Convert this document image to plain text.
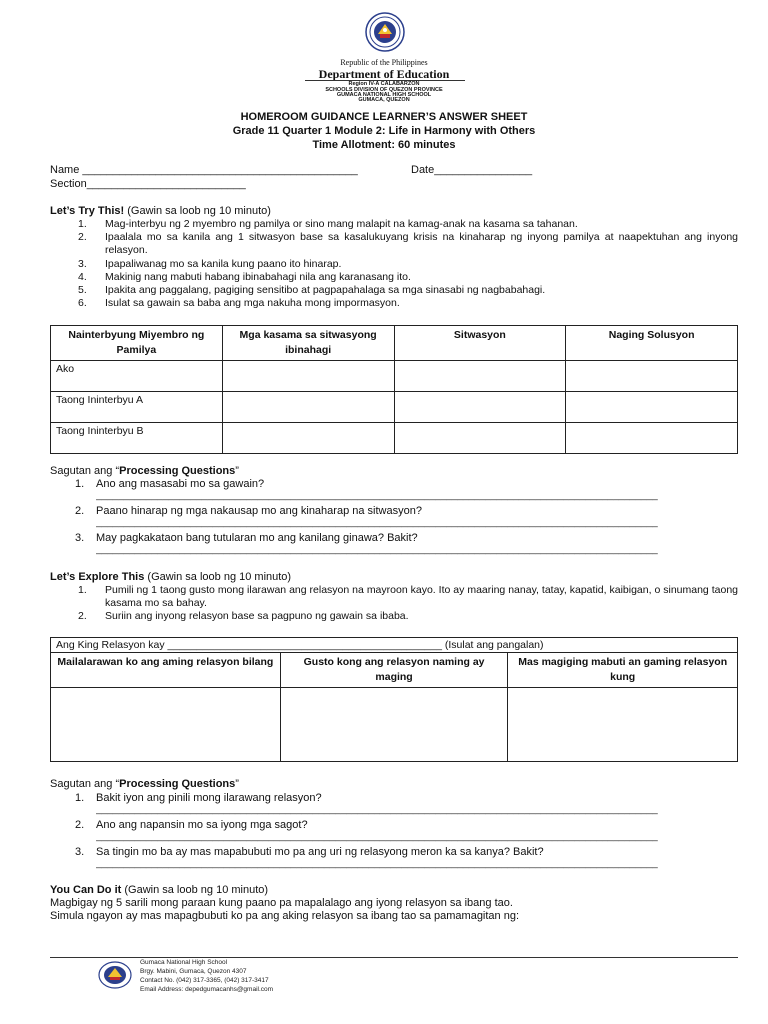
Republic of the Philippines
Department of Education
Region IV-A CALABARZON
SCHOOLS DIVISION OF QUEZON PROVINCE
GUMACA NATIONAL HIGH SCHOOL
GUMACA, QUEZON
HOMEROOM GUIDANCE LEARNER’S ANSWER SHEET
Grade 11 Quarter 1 Module 2: Life in Harmony with Others
Time Allotment: 60 minutes
Name _____________________________________________	Date________________
Section__________________________
Let’s Try This! (Gawin sa loob ng 10 minuto)
1. Mag-interbyu ng 2 myembro ng pamilya or sino mang malapit na kamag-anak na kasama sa tahanan.
2. Ipaalala mo sa kanila ang 1 sitwasyon base sa kasalukuyang krisis na kinaharap ng inyong pamilya at naapektuhan ang inyong relasyon.
3. Ipapaliwanag mo sa kanila kung paano ito hinarap.
4. Makinig nang mabuti habang ibinabahagi nila ang karanasang ito.
5. Ipakita ang paggalang, pagiging sensitibo at pagpapahalaga sa mga sinasabi ng nagbabahagi.
6. Isulat sa gawain sa baba ang mga nakuha mong impormasyon.
Nainterbyung Miyembro ng Pamilya	Mga kasama sa sitwasyong ibinahagi	Sitwasyon	Naging Solusyon
Ako			
Taong Ininterbyu A			
Taong Ininterbyu B			
Sagutan ang “Processing Questions”
1. Ano ang masasabi mo sa gawain?
_____________________________________________________________________________________________________
2. Paano hinarap ng mga nakausap mo ang kinaharap na sitwasyon?
_____________________________________________________________________________________________________
3. May pagkakataon bang tutularan mo ang kanilang ginawa? Bakit?
_____________________________________________________________________________________________________
Let’s Explore This (Gawin sa loob ng 10 minuto)
1. Pumili ng 1 taong gusto mong ilarawan ang relasyon na mayroon kayo. Ito ay maaring nanay, tatay, kapatid, kaibigan, o sinumang taong kasama mo sa bahay.
2. Suriin ang inyong relasyon base sa pagpuno ng gawain sa ibaba.
Ang King Relasyon kay _______________________________________________ (Isulat ang pangalan)		
Mailalarawan ko ang aming relasyon bilang	Gusto kong ang relasyon naming ay maging	Mas magiging mabuti an gaming relasyon kung

Sagutan ang “Processing Questions”
1. Bakit iyon ang pinili mong ilarawang relasyon?
_____________________________________________________________________________________________________
2. Ano ang napansin mo sa iyong mga sagot?
_____________________________________________________________________________________________________
3. Sa tingin mo ba ay mas mapabubuti mo pa ang uri ng relasyong meron ka sa kanya? Bakit?
_____________________________________________________________________________________________________
You Can Do it (Gawin sa loob ng 10 minuto)
Magbigay ng 5 sarili mong paraan kung paano pa mapalalago ang iyong relasyon sa ibang tao.
Simula ngayon ay mas mapagbubuti ko pa ang aking relasyon sa ibang tao sa pamamagitan ng:
Gumaca National High School
Brgy. Mabini, Gumaca, Quezon 4307
Contact No. (042) 317-3365, (042) 317-3417
Email Address: depedgumacanhs@gmail.com
